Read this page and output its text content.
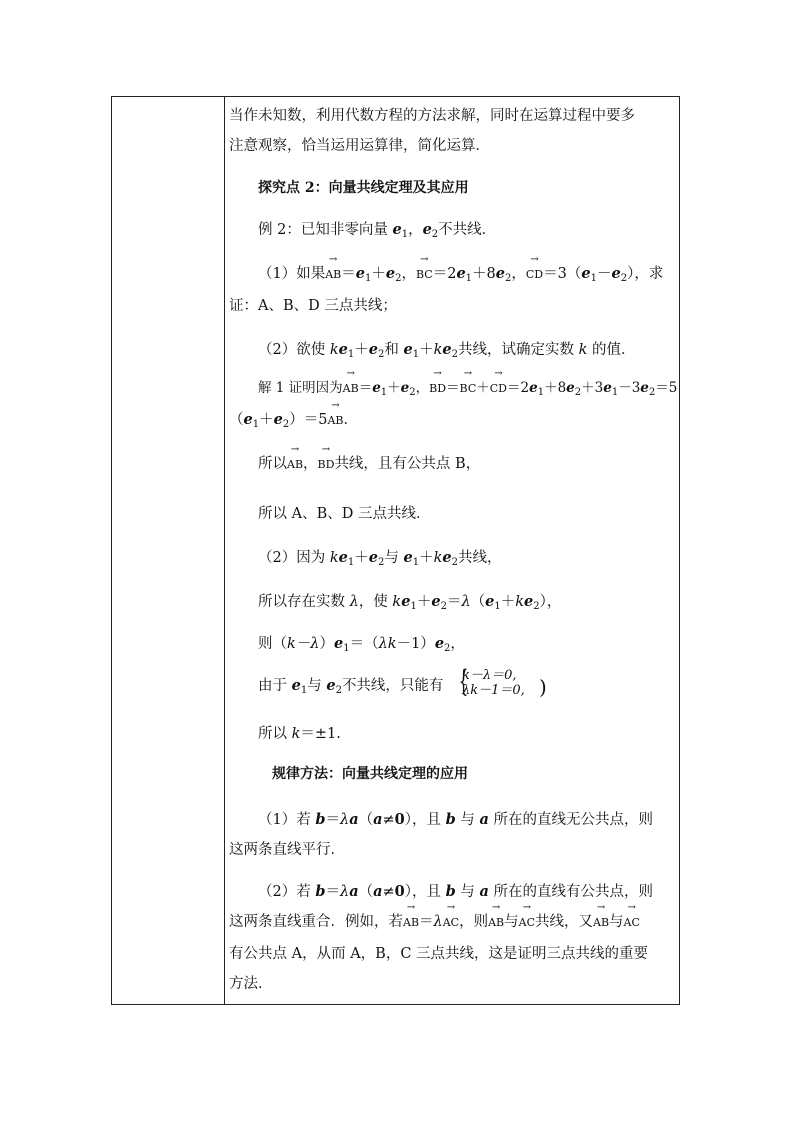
当作未知数，利用代数方程的方法求解，同时在运算过程中要多
注意观察，恰当运用运算律，简化运算．
探究点 2：向量共线定理及其应用
例 2：已知非零向量 $e_1$，$e_2$不共线．
（1）如果→ $AB=e_1+e_2$，→ $BC=2e_1+8e_2$，→ $CD=3(e_1-e_2)$，求
证：A、B、D 三点共线；
（2）欲使 $ke_1+e_2$和 $e_1+ke_2$共线，试确定实数 k 的值．
解 1 证明因为→ $AB=e_1+e_2$，→ $BD=\to BC+\to CD=2e_1+8e_2+3e_1-3e_2=5$
$(e_1+e_2)=5\to$ AB．
所以→ AB，→ BD共线，且有公共点 B，
所以 A、B、D 三点共线．
（2）因为 $ke_1+e_2$与 $e_1+ke_2$共线，
所以存在实数 λ，使 $ke_1+e_2=\lambda(e_1+ke_2)$，
则$(k-\lambda)e_1=(\lambda k-1)e_2$，
由于 $e_1$与 $e_2$不共线，只能有 {
k－λ＝0,
λk－1＝0, )
所以 k＝±1.
规律方法：向量共线定理的应用
（1）若 b＝λa（a≠0），且 b 与 a 所在的直线无公共点，则
这两条直线平行．
（2）若 b＝λa（a≠0），且 b 与 a 所在的直线有公共点，则
这两条直线重合．例如，若→ AB＝λ→ AC，则→ AB与→ AC共线，又→ AB与→ AC
有公共点 A，从而 A，B，C 三点共线，这是证明三点共线的重要
方法．
